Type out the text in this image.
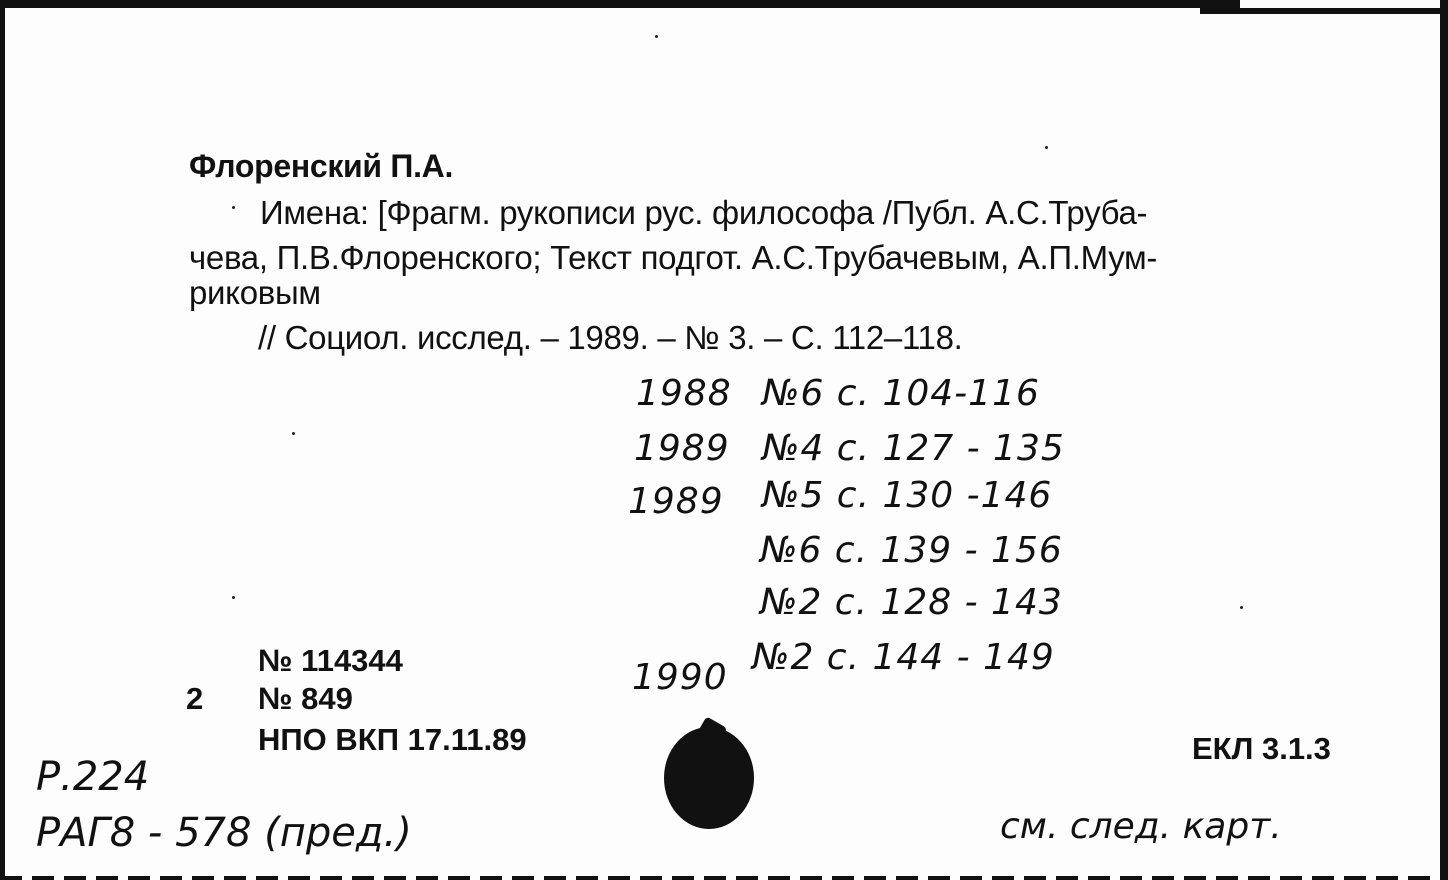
Флоренский П.А.
Имена: [Фрагм. рукописи рус. философа /Публ. А.С.Труба-
чева, П.В.Флоренского; Текст подгот. А.С.Трубачевым, А.П.Мум-
риковым
// Социол. исслед. – 1989. – № 3. – С. 112–118.
1988 №6 с. 104-116
1989 №4 с. 127 - 135
1989	№5 с. 130 -146
№6 с. 139 - 156
№2 с. 128 - 143
1990 №2 с. 144 - 149
№ 114344
2 № 849
НПО ВКП 17.11.89	ЕКЛ 3.1.3
Р.224
РАГ8 - 578 (пред.)	см. след. карт.
